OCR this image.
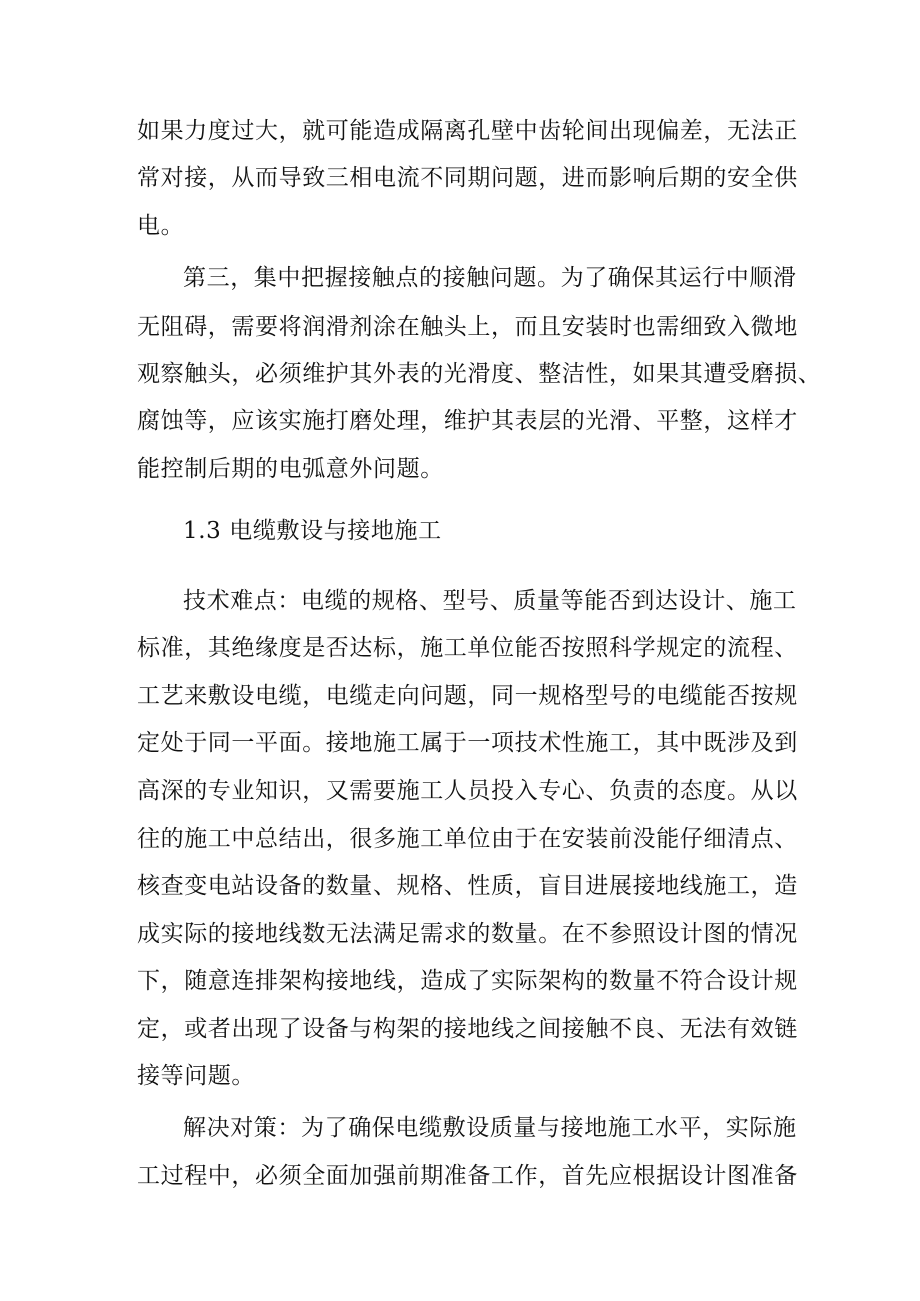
如果力度过大，就可能造成隔离孔壁中齿轮间出现偏差，无法正
常对接，从而导致三相电流不同期问题，进而影响后期的安全供
电。
第三，集中把握接触点的接触问题。为了确保其运行中顺滑
无阻碍，需要将润滑剂涂在触头上，而且安装时也需细致入微地
观察触头，必须维护其外表的光滑度、整洁性，如果其遭受磨损、
腐蚀等，应该实施打磨处理，维护其表层的光滑、平整，这样才
能控制后期的电弧意外问题。
1.3 电缆敷设与接地施工
技术难点：电缆的规格、型号、质量等能否到达设计、施工
标准，其绝缘度是否达标，施工单位能否按照科学规定的流程、
工艺来敷设电缆，电缆走向问题，同一规格型号的电缆能否按规
定处于同一平面。接地施工属于一项技术性施工，其中既涉及到
高深的专业知识，又需要施工人员投入专心、负责的态度。从以
往的施工中总结出，很多施工单位由于在安装前没能仔细清点、
核查变电站设备的数量、规格、性质，盲目进展接地线施工，造
成实际的接地线数无法满足需求的数量。在不参照设计图的情况
下，随意连排架构接地线，造成了实际架构的数量不符合设计规
定，或者出现了设备与构架的接地线之间接触不良、无法有效链
接等问题。
解决对策：为了确保电缆敷设质量与接地施工水平，实际施
工过程中，必须全面加强前期准备工作，首先应根据设计图准备
